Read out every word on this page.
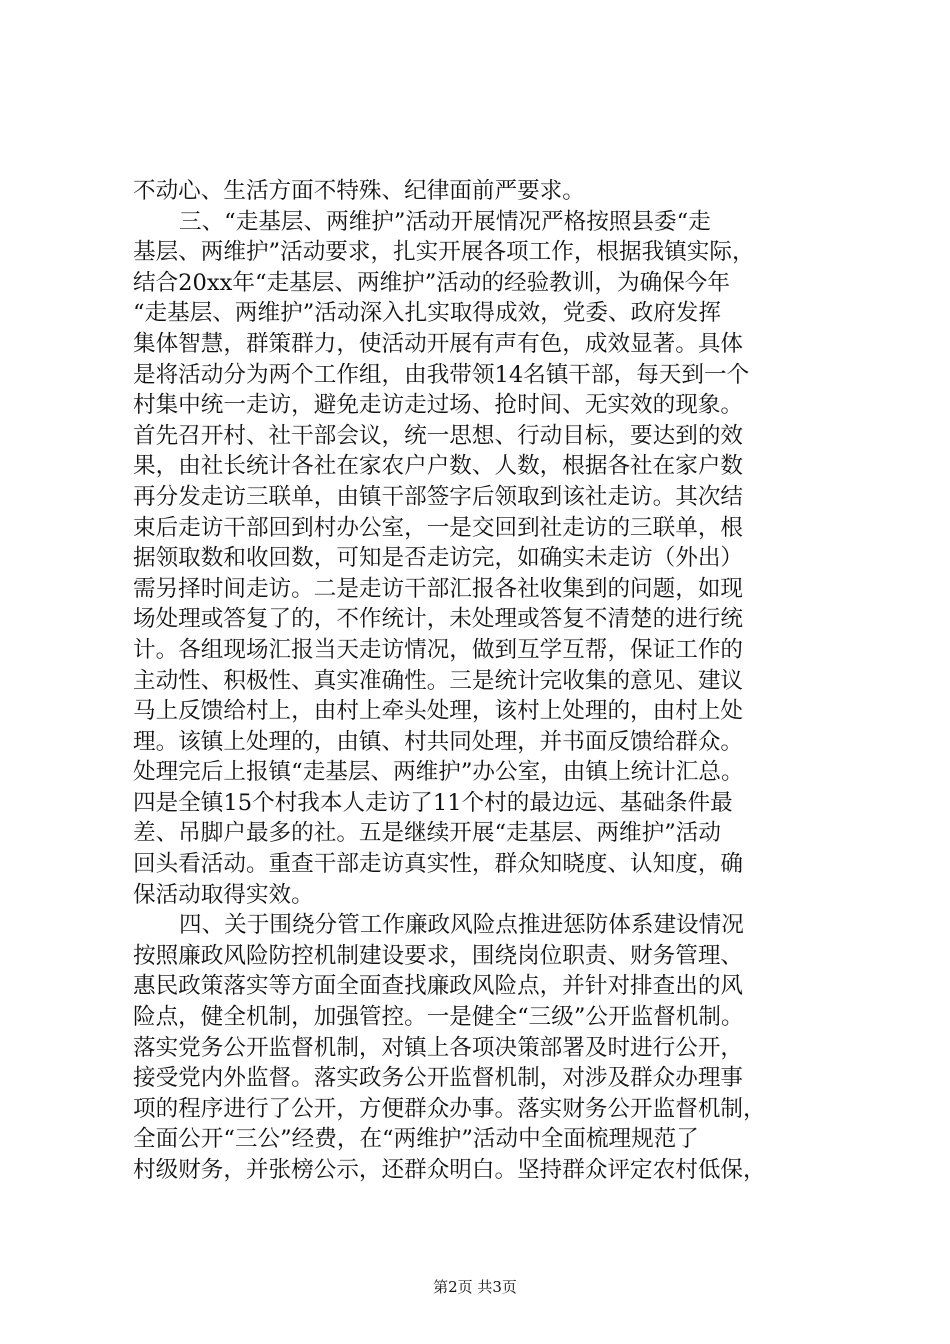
不动心、生活方面不特殊、纪律面前严要求。
三、“走基层、两维护”活动开展情况严格按照县委“走
基层、两维护”活动要求，扎实开展各项工作，根据我镇实际，
结合20xx年“走基层、两维护”活动的经验教训，为确保今年
“走基层、两维护”活动深入扎实取得成效，党委、政府发挥
集体智慧，群策群力，使活动开展有声有色，成效显著。具体
是将活动分为两个工作组，由我带领14名镇干部，每天到一个
村集中统一走访，避免走访走过场、抢时间、无实效的现象。
首先召开村、社干部会议，统一思想、行动目标，要达到的效
果，由社长统计各社在家农户户数、人数，根据各社在家户数
再分发走访三联单，由镇干部签字后领取到该社走访。其次结
束后走访干部回到村办公室，一是交回到社走访的三联单，根
据领取数和收回数，可知是否走访完，如确实未走访（外出）
需另择时间走访。二是走访干部汇报各社收集到的问题，如现
场处理或答复了的，不作统计，未处理或答复不清楚的进行统
计。各组现场汇报当天走访情况，做到互学互帮，保证工作的
主动性、积极性、真实准确性。三是统计完收集的意见、建议
马上反馈给村上，由村上牵头处理，该村上处理的，由村上处
理。该镇上处理的，由镇、村共同处理，并书面反馈给群众。
处理完后上报镇“走基层、两维护”办公室，由镇上统计汇总。
四是全镇15个村我本人走访了11个村的最边远、基础条件最
差、吊脚户最多的社。五是继续开展“走基层、两维护”活动
回头看活动。重查干部走访真实性，群众知晓度、认知度，确
保活动取得实效。
四、关于围绕分管工作廉政风险点推进惩防体系建设情况
按照廉政风险防控机制建设要求，围绕岗位职责、财务管理、
惠民政策落实等方面全面查找廉政风险点，并针对排查出的风
险点，健全机制，加强管控。一是健全“三级”公开监督机制。
落实党务公开监督机制，对镇上各项决策部署及时进行公开，
接受党内外监督。落实政务公开监督机制，对涉及群众办理事
项的程序进行了公开，方便群众办事。落实财务公开监督机制，
全面公开“三公”经费，在“两维护”活动中全面梳理规范了
村级财务，并张榜公示，还群众明白。坚持群众评定农村低保，
第2页 共3页
